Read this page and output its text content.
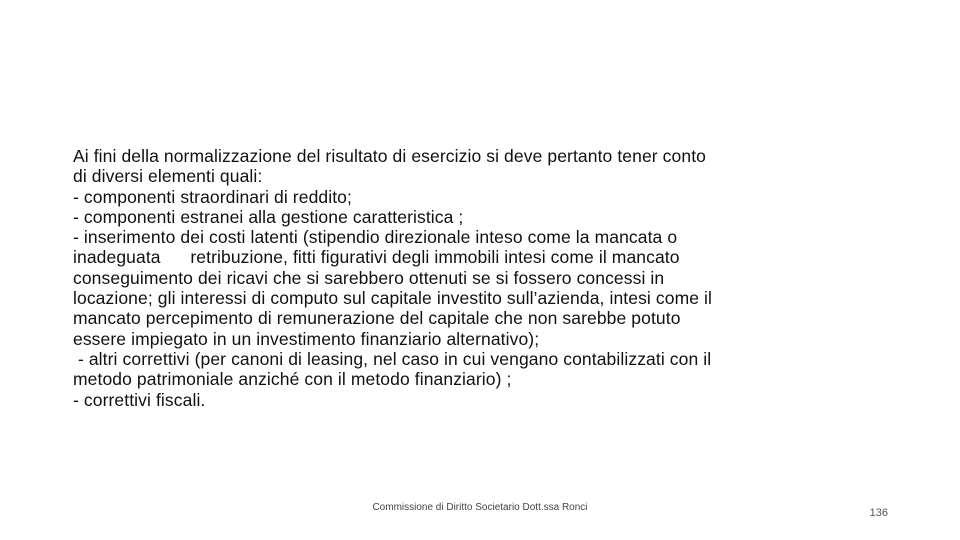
Ai fini della normalizzazione del risultato di esercizio si deve pertanto tener conto
di diversi elementi quali:
- componenti straordinari di reddito;
- componenti estranei alla gestione caratteristica ;
- inserimento dei costi latenti (stipendio direzionale inteso come la mancata o
inadeguata      retribuzione, fitti figurativi degli immobili intesi come il mancato
conseguimento dei ricavi che si sarebbero ottenuti se si fossero concessi in
locazione; gli interessi di computo sul capitale investito sull’azienda, intesi come il
mancato percepimento di remunerazione del capitale che non sarebbe potuto
essere impiegato in un investimento finanziario alternativo);
- altri correttivi (per canoni di leasing, nel caso in cui vengano contabilizzati con il
metodo patrimoniale anziché con il metodo finanziario) ;
- correttivi fiscali.
Commissione di Diritto Societario Dott.ssa Ronci	136
